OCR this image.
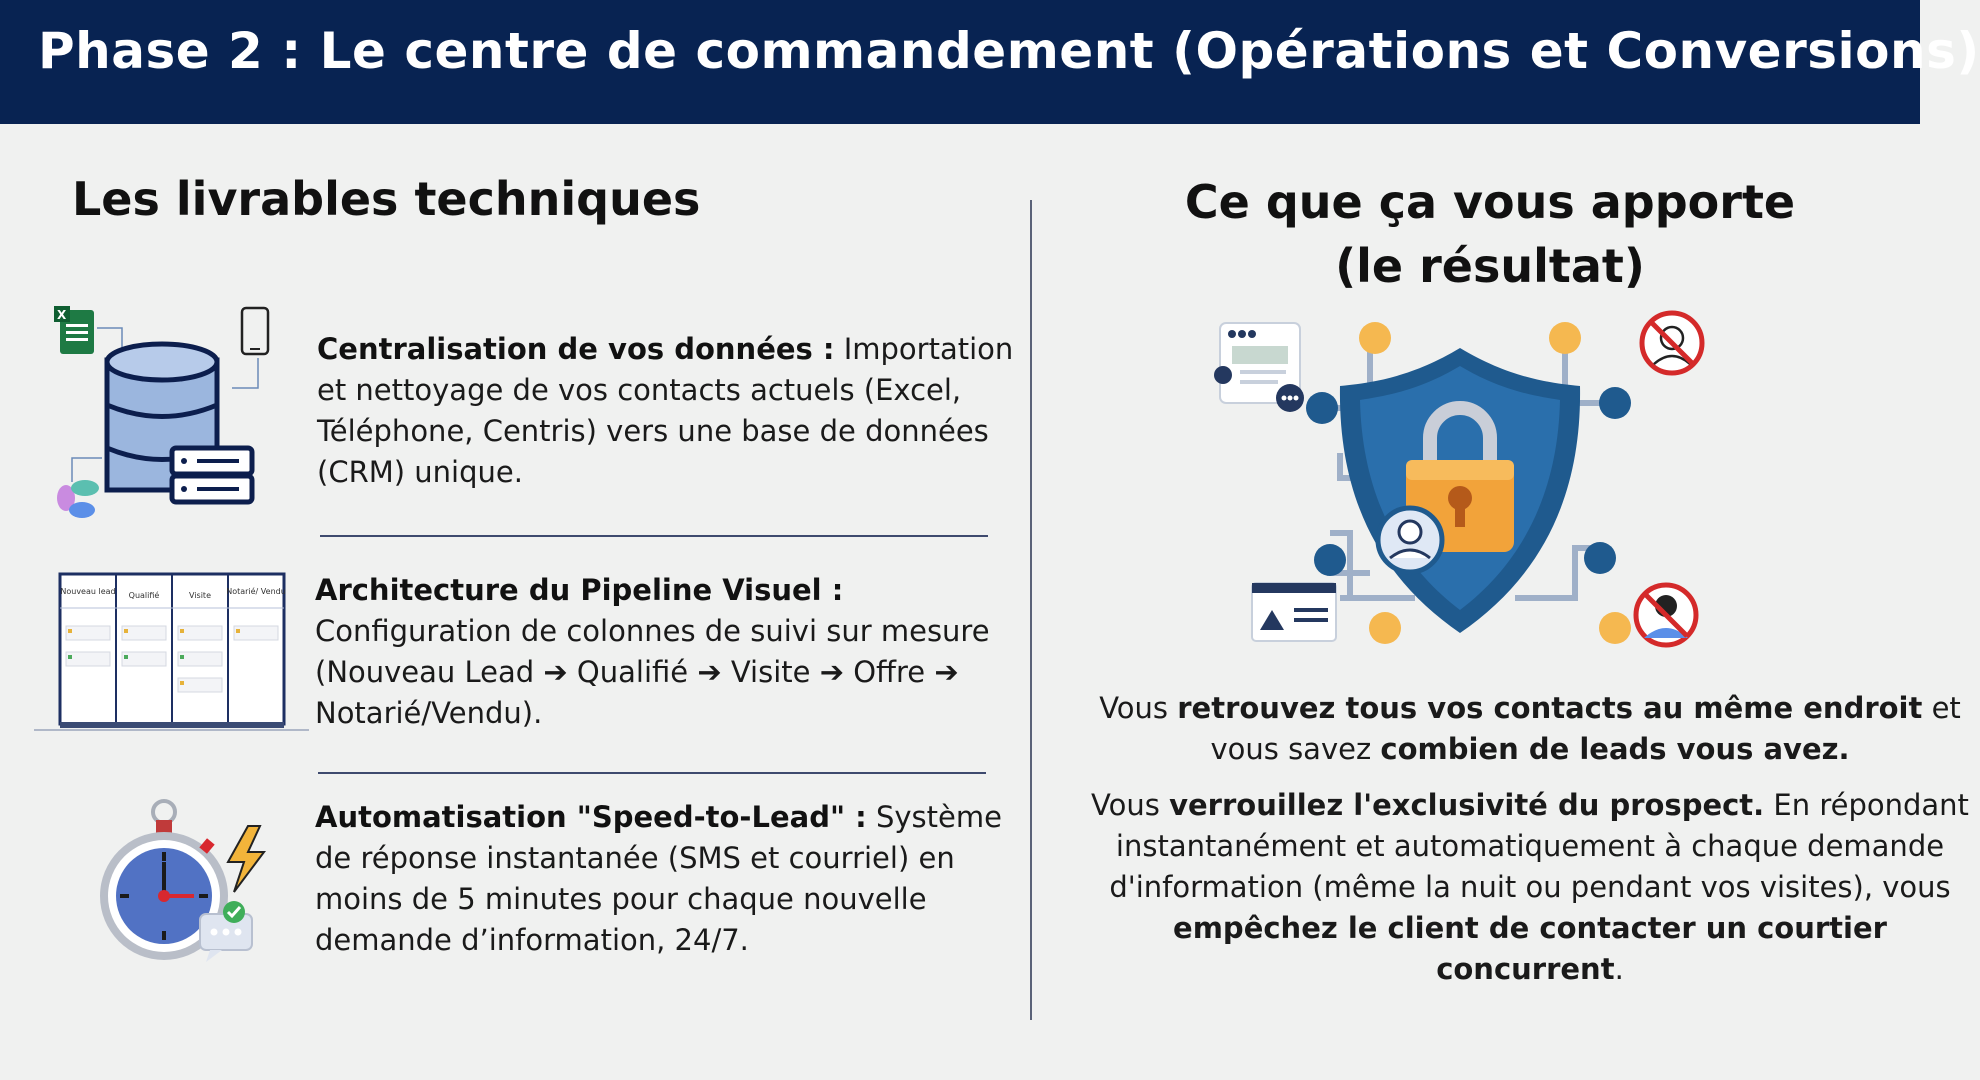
Phase 2 : Le centre de commandement (Opérations et Conversions)
Les livrables techniques
X
Centralisation de vos données : Importation et nettoyage de vos contacts actuels (Excel, Téléphone, Centris) vers une base de données (CRM) unique.
Nouveau lead Qualifié	Visite Notarié/ Vendu Architecture du Pipeline Visuel : Configuration de colonnes de suivi sur mesure (Nouveau Lead ➔ Qualifié ➔ Visite ➔ Offre ➔ Notarié/Vendu).
Automatisation "Speed-to-Lead" : Système de réponse instantanée (SMS et courriel) en moins de 5 minutes pour chaque nouvelle demande d’information, 24/7.
Ce que ça vous apporte
(le résultat)
Vous retrouvez tous vos contacts au même endroit et vous savez combien de leads vous avez.
Vous verrouillez l'exclusivité du prospect. En répondant instantanément et automatiquement à chaque demande d'information (même la nuit ou pendant vos visites), vous empêchez le client de contacter un courtier concurrent.
